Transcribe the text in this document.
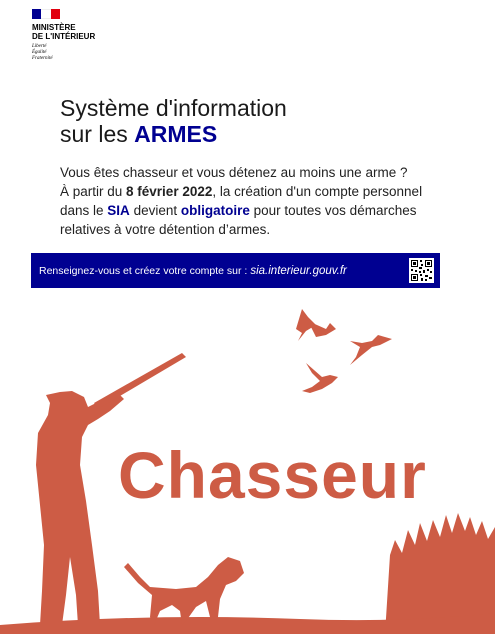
MINISTÈRE
DE L'INTÉRIEUR
Liberté
Égalité
Fraternité
Système d'information
sur les ARMES
Vous êtes chasseur et vous détenez au moins une arme ?
À partir du 8 février 2022, la création d'un compte personnel dans le SIA devient obligatoire pour toutes vos démarches relatives à votre détention d’armes.
Renseignez-vous et créez votre compte sur : sia.interieur.gouv.fr
Chasseur
